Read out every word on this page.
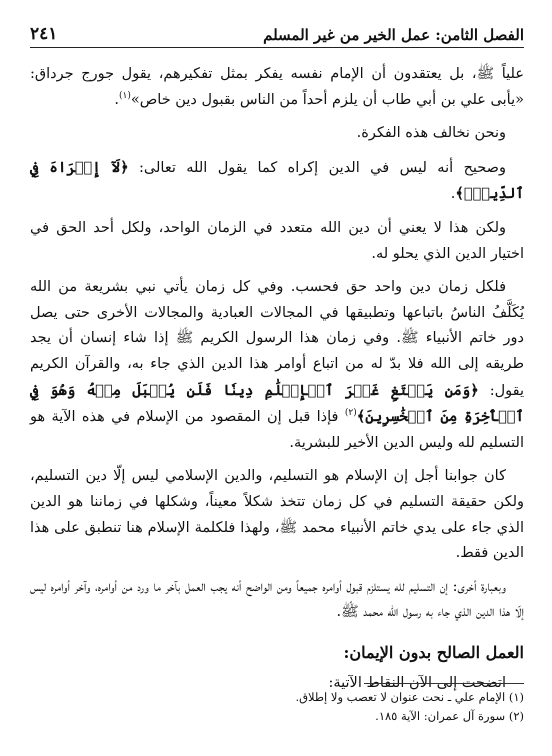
الفصل الثامن: عمل الخير من غير المسلم
٢٤١

علياً ﷺ، بل يعتقدون أن الإمام نفسه يفكر بمثل تفكيرهم، يقول جورج جرداق: «يأبى علي بن أبي طاب أن يلزم أحداً من الناس بقبول دين خاص»$^{(١)}$.

ونحن نخالف هذه الفكرة.

وصحيح أنه ليس في الدين إكراه كما يقول الله تعالى: ﴿لَآ إِكۡرَاهَ فِي ٱلدِّينِۖ﴾.

ولكن هذا لا يعني أن دين الله متعدد في الزمان الواحد، ولكل أحد الحق في اختيار الدين الذي يحلو له.

فلكل زمان دين واحد حق فحسب. وفي كل زمان يأتي نبي بشريعة من الله يُكَلَّفُ الناسُ باتباعها وتطبيقها في المجالات العبادية والمجالات الأخرى حتى يصل دور خاتم الأنبياء ﷺ. وفي زمان هذا الرسول الكريم ﷺ إذا شاء إنسان أن يجد طريقه إلى الله فلا بدّ له من اتباع أوامر هذا الدين الذي جاء به، والقرآن الكريم يقول: ﴿وَمَن يَبۡتَغِ غَيۡرَ ٱلۡإِسۡلَٰمِ دِينٗا فَلَن يُقۡبَلَ مِنۡهُ وَهُوَ فِي ٱلۡأٓخِرَةِ مِنَ ٱلۡخَٰسِرِينَ﴾$^{(٢)}$ فإذا قبل إن المقصود من الإسلام في هذه الآية هو التسليم لله وليس الدين الأخير للبشرية.

كان جوابنا أجل إن الإسلام هو التسليم، والدين الإسلامي ليس إلّا دين التسليم، ولكن حقيقة التسليم في كل زمان تتخذ شكلاً معيناً، وشكلها في زماننا هو الدين الذي جاء على يدي خاتم الأنبياء محمد ﷺ، ولهذا فلكلمة الإسلام هنا تنطبق على هذا الدين فقط.

وبعبارة أخرى: إن التسليم لله يستلزم قبول أوامره جميعاً ومن الواضح أنه يجب العمل بآخر ما ورد من أوامره، وآخر أوامره ليس إلّا هذا الدين الذي جاء به رسول الله محمد ﷺ.

العمل الصالح بدون الإيمان:

اتضحت إلى الآن النقاط الآتية:

(١) الإمام علي ـ نحت عنوان لا تعصب ولا إطلاق.

(٢) سورة آل عمران: الآية ١٨٥.
